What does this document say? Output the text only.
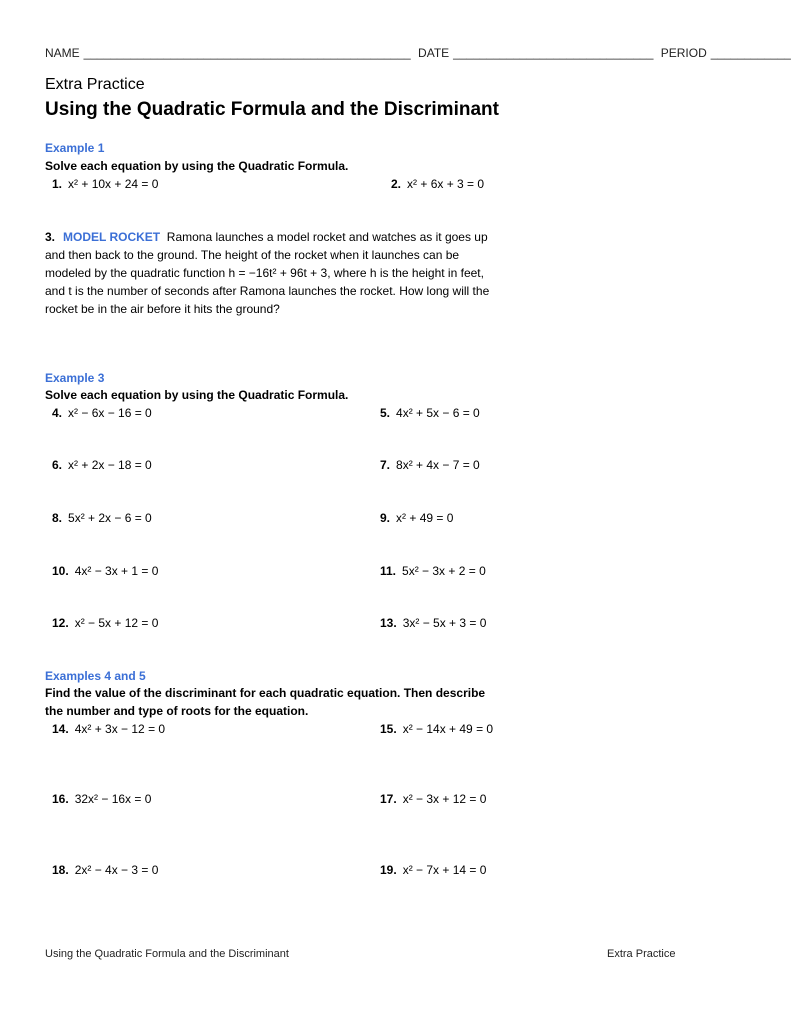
NAME _________________________________________________ DATE ______________________________ PERIOD ____________
Extra Practice
Using the Quadratic Formula and the Discriminant
Example 1
Solve each equation by using the Quadratic Formula.
1. x² + 10x + 24 = 0	2. x² + 6x + 3 = 0
3. MODEL ROCKET Ramona launches a model rocket and watches as it goes up and then back to the ground. The height of the rocket when it launches can be modeled by the quadratic function h = −16t² + 96t + 3, where h is the height in feet, and t is the number of seconds after Ramona launches the rocket. How long will the rocket be in the air before it hits the ground?
Example 3
Solve each equation by using the Quadratic Formula.
4. x² − 6x − 16 = 0	5. 4x² + 5x − 6 = 0
6. x² + 2x − 18 = 0	7. 8x² + 4x − 7 = 0
8. 5x² + 2x − 6 = 0	9. x² + 49 = 0
10. 4x² − 3x + 1 = 0	11. 5x² − 3x + 2 = 0
12. x² − 5x + 12 = 0	13. 3x² − 5x + 3 = 0
Examples 4 and 5
Find the value of the discriminant for each quadratic equation. Then describe
the number and type of roots for the equation.
14. 4x² + 3x − 12 = 0	15. x² − 14x + 49 = 0
16. 32x² − 16x = 0	17. x² − 3x + 12 = 0
18. 2x² − 4x − 3 = 0	19. x² − 7x + 14 = 0
Using the Quadratic Formula and the Discriminant	Extra Practice
